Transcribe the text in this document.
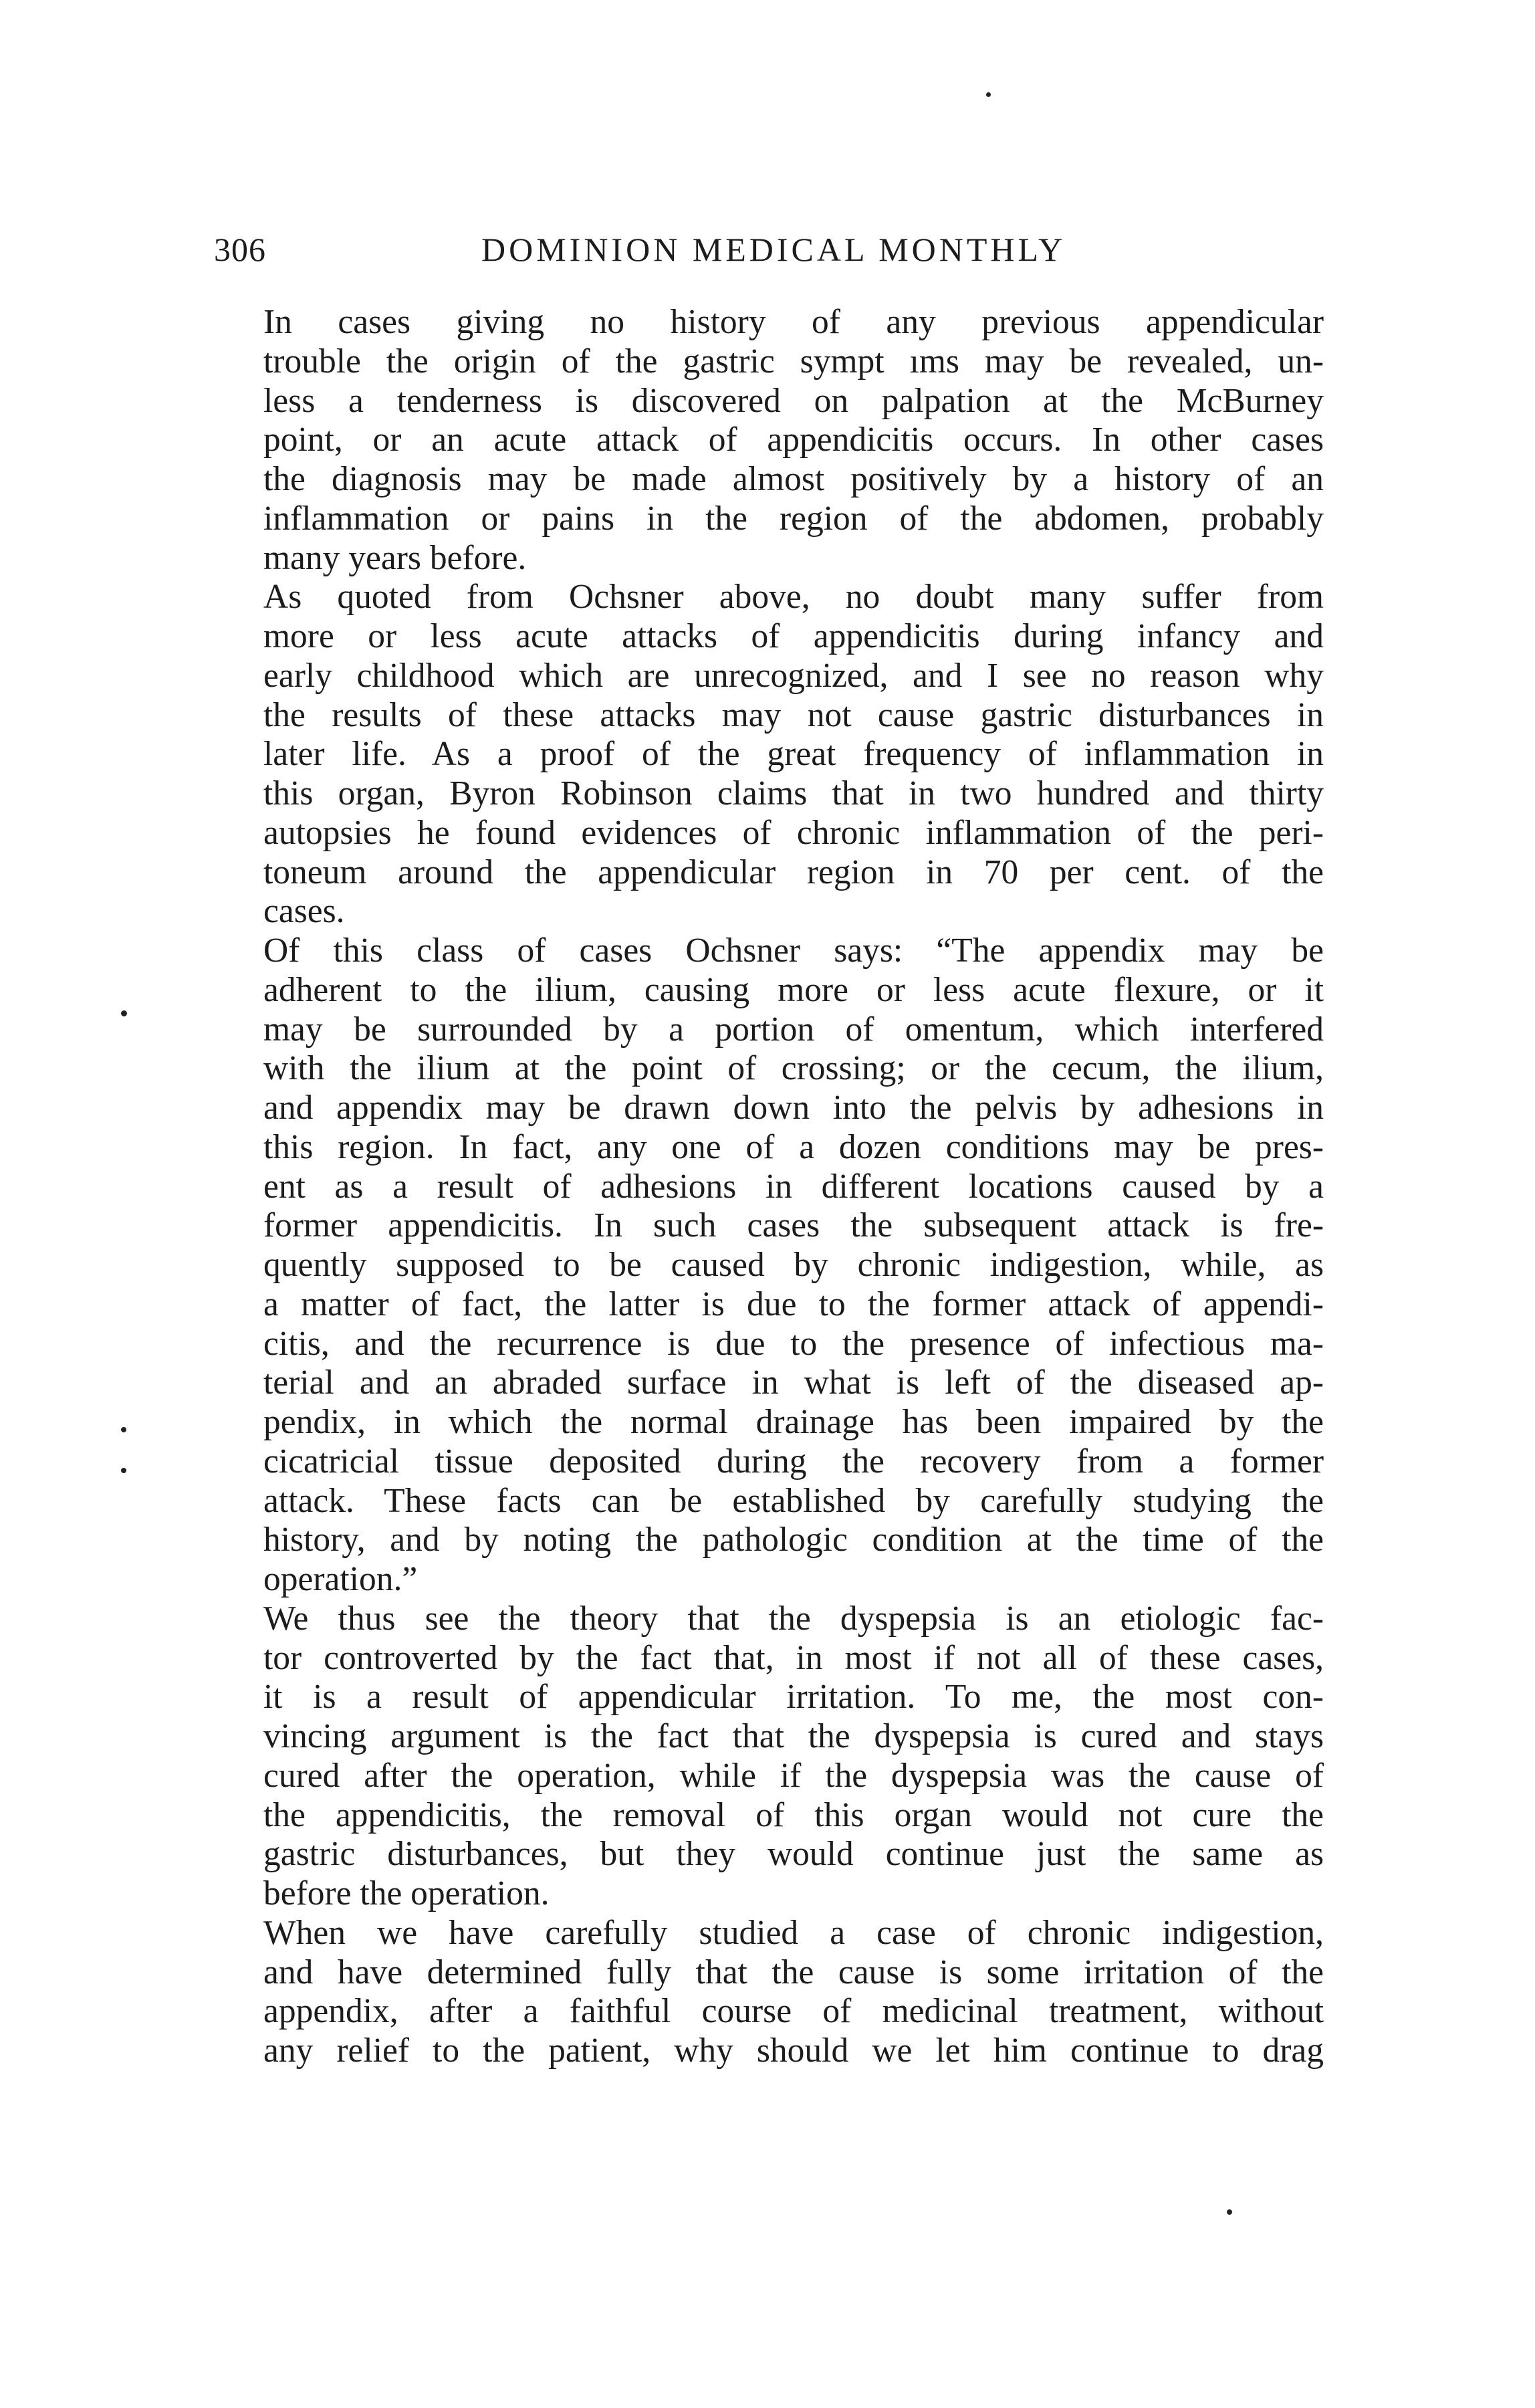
306	DOMINION MEDICAL MONTHLY

In cases giving no history of any previous appendicular
trouble the origin of the gastric sympt ıms may be revealed, un-
less a tenderness is discovered on palpation at the McBurney
point, or an acute attack of appendicitis occurs. In other cases
the diagnosis may be made almost positively by a history of an
inflammation or pains in the region of the abdomen, probably
many years before.

As quoted from Ochsner above, no doubt many suffer from
more or less acute attacks of appendicitis during infancy and
early childhood which are unrecognized, and I see no reason why
the results of these attacks may not cause gastric disturbances in
later life. As a proof of the great frequency of inflammation in
this organ, Byron Robinson claims that in two hundred and thirty
autopsies he found evidences of chronic inflammation of the peri-
toneum around the appendicular region in 70 per cent. of the
cases.

Of this class of cases Ochsner says: “The appendix may be
adherent to the ilium, causing more or less acute flexure, or it
may be surrounded by a portion of omentum, which interfered
with the ilium at the point of crossing; or the cecum, the ilium,
and appendix may be drawn down into the pelvis by adhesions in
this region. In fact, any one of a dozen conditions may be pres-
ent as a result of adhesions in different locations caused by a
former appendicitis. In such cases the subsequent attack is fre-
quently supposed to be caused by chronic indigestion, while, as
a matter of fact, the latter is due to the former attack of appendi-
citis, and the recurrence is due to the presence of infectious ma-
terial and an abraded surface in what is left of the diseased ap-
pendix, in which the normal drainage has been impaired by the
cicatricial tissue deposited during the recovery from a former
attack. These facts can be established by carefully studying the
history, and by noting the pathologic condition at the time of the
operation.”

We thus see the theory that the dyspepsia is an etiologic fac-
tor controverted by the fact that, in most if not all of these cases,
it is a result of appendicular irritation. To me, the most con-
vincing argument is the fact that the dyspepsia is cured and stays
cured after the operation, while if the dyspepsia was the cause of
the appendicitis, the removal of this organ would not cure the
gastric disturbances, but they would continue just the same as
before the operation.

When we have carefully studied a case of chronic indigestion,
and have determined fully that the cause is some irritation of the
appendix, after a faithful course of medicinal treatment, without
any relief to the patient, why should we let him continue to drag
